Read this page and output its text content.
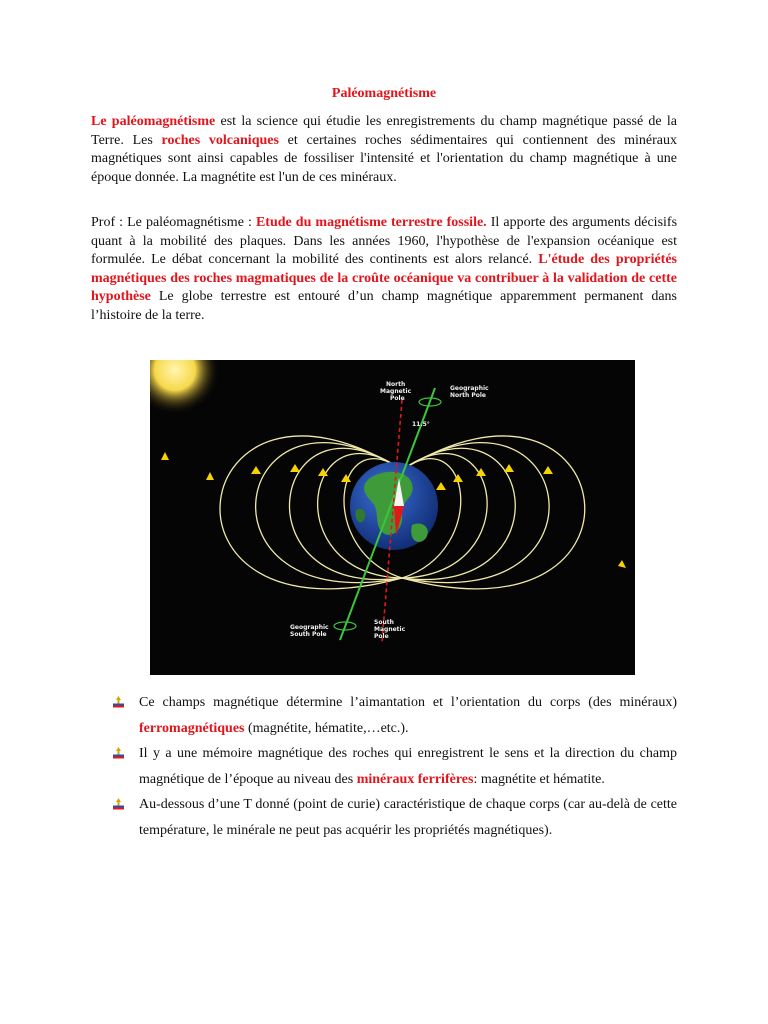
Paléomagnétisme

Le paléomagnétisme est la science qui étudie les enregistrements du champ magnétique passé de la Terre. Les roches volcaniques et certaines roches sédimentaires qui contiennent des minéraux magnétiques sont ainsi capables de fossiliser l'intensité et l'orientation du champ magnétique à une époque donnée. La magnétite est l'un de ces minéraux.

Prof : Le paléomagnétisme : Etude du magnétisme terrestre fossile. Il apporte des arguments décisifs quant à la mobilité des plaques. Dans les années 1960, l'hypothèse de l'expansion océanique est formulée. Le débat concernant la mobilité des continents est alors relancé. L'étude des propriétés magnétiques des roches magmatiques de la croûte océanique va contribuer à la validation de cette hypothèse Le globe terrestre est entouré d’un champ magnétique apparemment permanent dans l’histoire de la terre.

North
Magnetic
Pole
Geographic
North Pole
11.5°
Geographic
South Pole
South
Magnetic
Pole
Ce champs magnétique détermine l’aimantation et l’orientation du corps (des minéraux) ferromagnétiques (magnétite, hématite,…etc.).
Il y a une mémoire magnétique des roches qui enregistrent le sens et la direction du champ magnétique de l’époque au niveau des minéraux ferrifères: magnétite et hématite.
Au-dessous d’une T donné (point de curie) caractéristique de chaque corps (car au-delà de cette température, le minérale ne peut pas acquérir les propriétés magnétiques).
